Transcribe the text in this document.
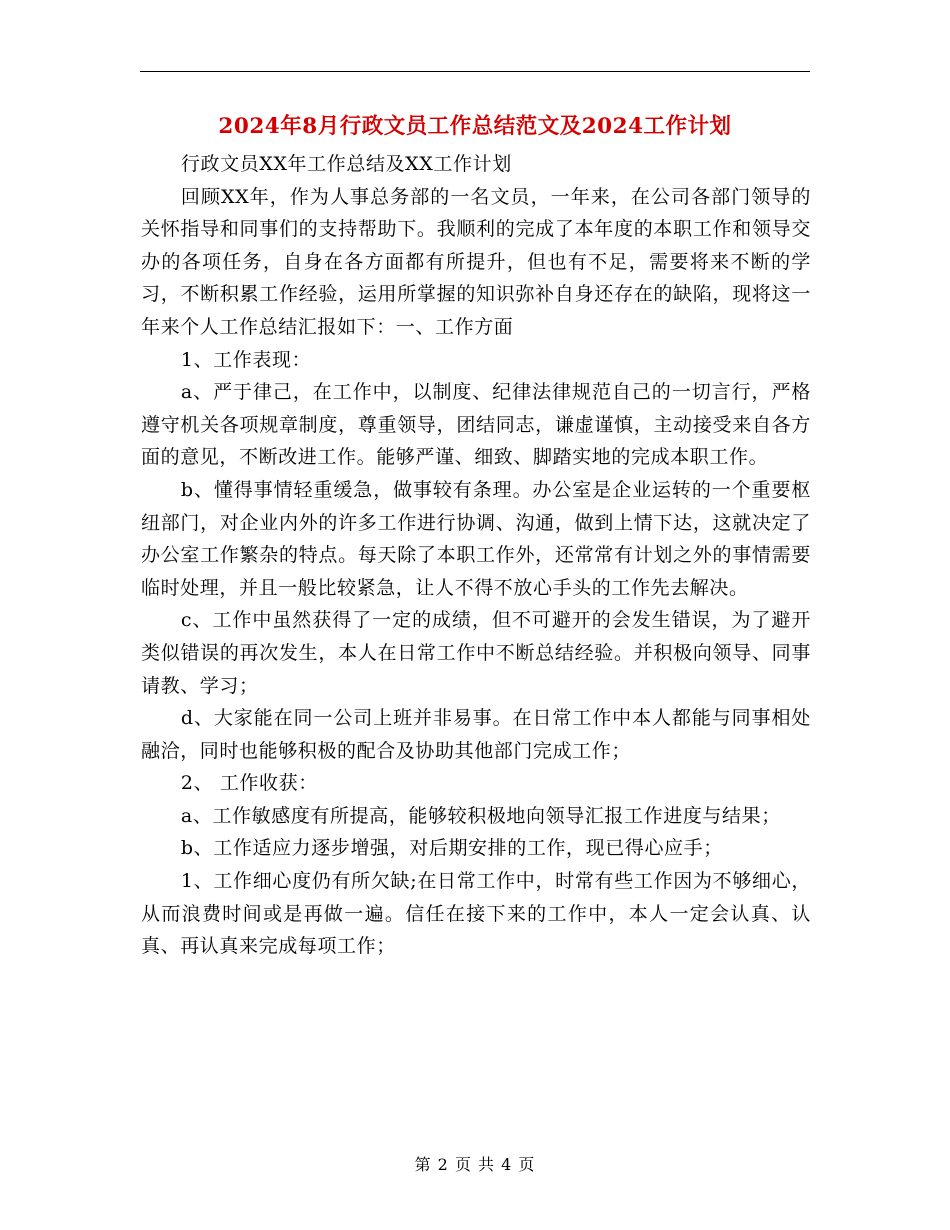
2024年8月行政文员工作总结范文及2024工作计划

行政文员XX年工作总结及XX工作计划

回顾XX年，作为人事总务部的一名文员，一年来，在公司各部门领导的关怀指导和同事们的支持帮助下。我顺利的完成了本年度的本职工作和领导交办的各项任务，自身在各方面都有所提升，但也有不足，需要将来不断的学习，不断积累工作经验，运用所掌握的知识弥补自身还存在的缺陷，现将这一年来个人工作总结汇报如下：一、工作方面

1、工作表现：

a、严于律己，在工作中，以制度、纪律法律规范自己的一切言行，严格遵守机关各项规章制度，尊重领导，团结同志，谦虚谨慎，主动接受来自各方面的意见，不断改进工作。能够严谨、细致、脚踏实地的完成本职工作。

b、懂得事情轻重缓急，做事较有条理。办公室是企业运转的一个重要枢纽部门，对企业内外的许多工作进行协调、沟通，做到上情下达，这就决定了办公室工作繁杂的特点。每天除了本职工作外，还常常有计划之外的事情需要临时处理，并且一般比较紧急，让人不得不放心手头的工作先去解决。

c、工作中虽然获得了一定的成绩，但不可避开的会发生错误，为了避开类似错误的再次发生，本人在日常工作中不断总结经验。并积极向领导、同事请教、学习；

d、大家能在同一公司上班并非易事。在日常工作中本人都能与同事相处融洽，同时也能够积极的配合及协助其他部门完成工作；

2、 工作收获：

a、工作敏感度有所提高，能够较积极地向领导汇报工作进度与结果；

b、工作适应力逐步增强，对后期安排的工作，现已得心应手；

1、工作细心度仍有所欠缺;在日常工作中，时常有些工作因为不够细心，从而浪费时间或是再做一遍。信任在接下来的工作中，本人一定会认真、认真、再认真来完成每项工作；

第 2 页 共 4 页
